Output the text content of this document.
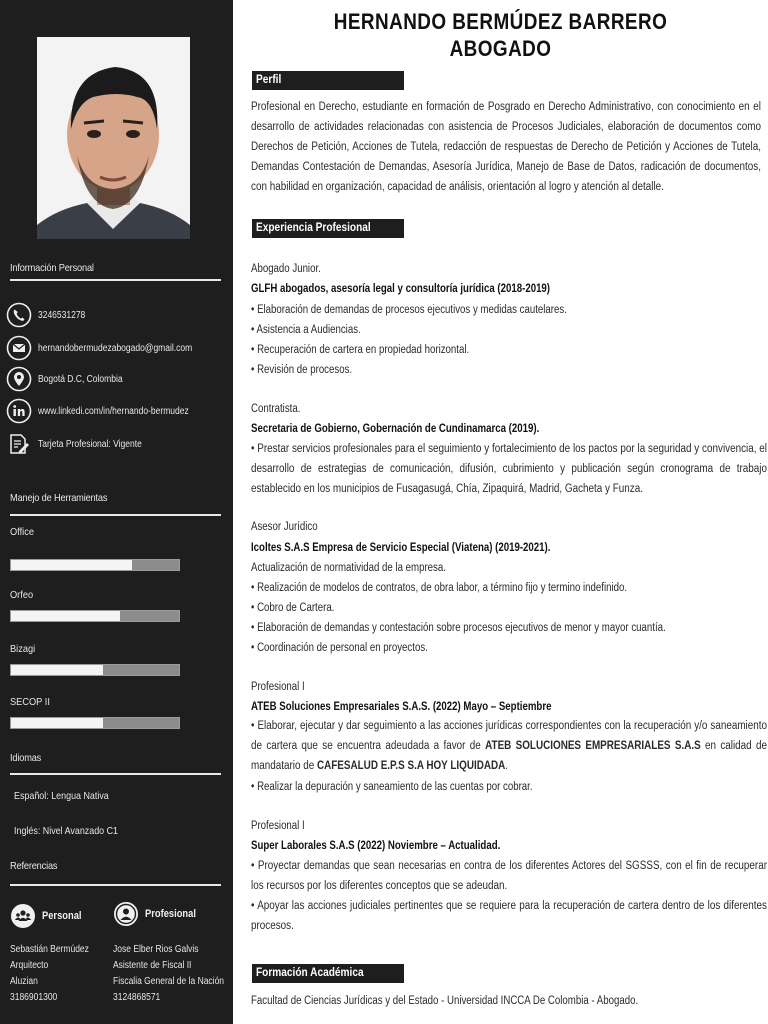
Información Personal
3246531278
hernandobermudezabogado@gmail.com
Bogotá D.C, Colombia
www.linkedi.com/in/hernando-bermudez
Tarjeta Profesional: Vigente
Manejo de Herramientas
Office
Orfeo
Bizagi
SECOP II
Idiomas
Español: Lengua Nativa
Inglés: Nivel Avanzado C1
Referencias
Personal	Profesional
Sebastián Bermúdez
Arquitecto
Aluzian
3186901300
Jose Elber Rios Galvis
Asistente de Fiscal II
Fiscalia General de la Nación
3124868571
HERNANDO BERMÚDEZ BARRERO
ABOGADO
Perfil
Profesional en Derecho, estudiante en formación de Posgrado en Derecho Administrativo, con conocimiento en el desarrollo de actividades relacionadas con asistencia de Procesos Judiciales, elaboración de documentos como Derechos de Petición, Acciones de Tutela, redacción de respuestas de Derecho de Petición y Acciones de Tutela, Demandas Contestación de Demandas, Asesoría Jurídica, Manejo de Base de Datos, radicación de documentos, con habilidad en organización, capacidad de análisis, orientación al logro y atención al detalle.
Experiencia Profesional
Abogado Junior.
GLFH abogados, asesoría legal y consultoría jurídica (2018-2019)
• Elaboración de demandas de procesos ejecutivos y medidas cautelares.
• Asistencia a Audiencias.
• Recuperación de cartera en propiedad horizontal.
• Revisión de procesos.
Contratista.
Secretaria de Gobierno, Gobernación de Cundinamarca (2019).
• Prestar servicios profesionales para el seguimiento y fortalecimiento de los pactos por la seguridad y convivencia, el desarrollo de estrategias de comunicación, difusión, cubrimiento y publicación según cronograma de trabajo establecido en los municipios de Fusagasugá, Chía, Zipaquirá, Madrid, Gacheta y Funza.
Asesor Jurídico
Icoltes S.A.S Empresa de Servicio Especial (Viatena) (2019-2021).
Actualización de normatividad de la empresa.
• Realización de modelos de contratos, de obra labor, a término fijo y termino indefinido.
• Cobro de Cartera.
• Elaboración de demandas y contestación sobre procesos ejecutivos de menor y mayor cuantía.
• Coordinación de personal en proyectos.
Profesional I
ATEB Soluciones Empresariales S.A.S. (2022) Mayo – Septiembre
• Elaborar, ejecutar y dar seguimiento a las acciones jurídicas correspondientes con la recuperación y/o saneamiento de cartera que se encuentra adeudada a favor de ATEB SOLUCIONES EMPRESARIALES S.A.S en calidad de mandatario de CAFESALUD E.P.S S.A HOY LIQUIDADA.
• Realizar la depuración y saneamiento de las cuentas por cobrar.
Profesional I
Super Laborales S.A.S (2022) Noviembre – Actualidad.
• Proyectar demandas que sean necesarias en contra de los diferentes Actores del SGSSS, con el fin de recuperar los recursos por los diferentes conceptos que se adeudan.
• Apoyar las acciones judiciales pertinentes que se requiere para la recuperación de cartera dentro de los diferentes procesos.
Formación Académica
Facultad de Ciencias Jurídicas y del Estado - Universidad INCCA De Colombia - Abogado.
